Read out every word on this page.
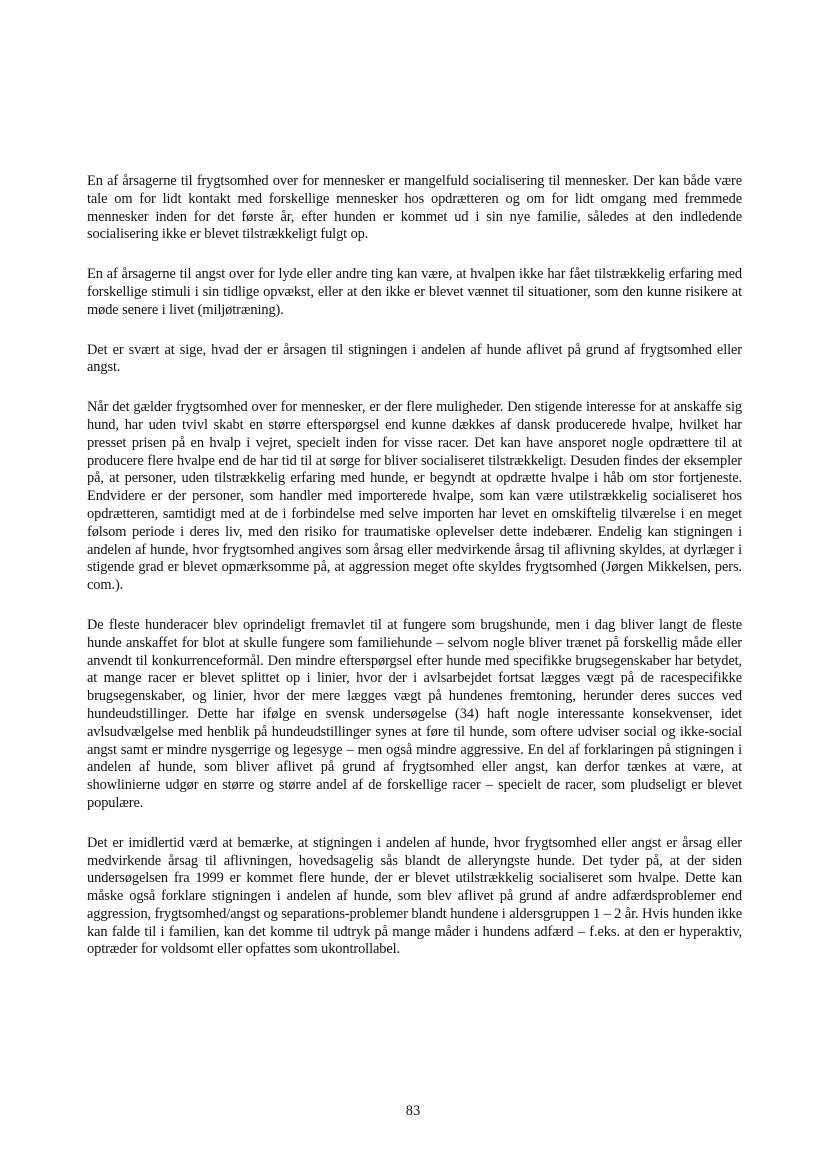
En af årsagerne til frygtsomhed over for mennesker er mangelfuld socialisering til mennesker. Der kan både være tale om for lidt kontakt med forskellige mennesker hos opdrætteren og om for lidt omgang med fremmede mennesker inden for det første år, efter hunden er kommet ud i sin nye familie, således at den indledende socialisering ikke er blevet tilstrækkeligt fulgt op.

En af årsagerne til angst over for lyde eller andre ting kan være, at hvalpen ikke har fået tilstrækkelig erfaring med forskellige stimuli i sin tidlige opvækst, eller at den ikke er blevet vænnet til situationer, som den kunne risikere at møde senere i livet (miljøtræning).

Det er svært at sige, hvad der er årsagen til stigningen i andelen af hunde aflivet på grund af frygtsomhed eller angst.

Når det gælder frygtsomhed over for mennesker, er der flere muligheder. Den stigende interesse for at anskaffe sig hund, har uden tvivl skabt en større efterspørgsel end kunne dækkes af dansk producerede hvalpe, hvilket har presset prisen på en hvalp i vejret, specielt inden for visse racer. Det kan have ansporet nogle opdrættere til at producere flere hvalpe end de har tid til at sørge for bliver socialiseret tilstrækkeligt. Desuden findes der eksempler på, at personer, uden tilstrækkelig erfaring med hunde, er begyndt at opdrætte hvalpe i håb om stor fortjeneste. Endvidere er der personer, som handler med importerede hvalpe, som kan være utilstrækkelig socialiseret hos opdrætteren, samtidigt med at de i forbindelse med selve importen har levet en omskiftelig tilværelse i en meget følsom periode i deres liv, med den risiko for traumatiske oplevelser dette indebærer. Endelig kan stigningen i andelen af hunde, hvor frygtsomhed angives som årsag eller medvirkende årsag til aflivning skyldes, at dyrlæger i stigende grad er blevet opmærksomme på, at aggression meget ofte skyldes frygtsomhed (Jørgen Mikkelsen, pers. com.).

De fleste hunderacer blev oprindeligt fremavlet til at fungere som brugshunde, men i dag bliver langt de fleste hunde anskaffet for blot at skulle fungere som familiehunde – selvom nogle bliver trænet på forskellig måde eller anvendt til konkurrenceformål. Den mindre efterspørgsel efter hunde med specifikke brugsegenskaber har betydet, at mange racer er blevet splittet op i linier, hvor der i avlsarbejdet fortsat lægges vægt på de racespecifikke brugsegenskaber, og linier, hvor der mere lægges vægt på hundenes fremtoning, herunder deres succes ved hundeudstillinger. Dette har ifølge en svensk undersøgelse (34) haft nogle interessante konsekvenser, idet avlsudvælgelse med henblik på hundeudstillinger synes at føre til hunde, som oftere udviser social og ikke-social angst samt er mindre nysgerrige og legesyge – men også mindre aggressive. En del af forklaringen på stigningen i andelen af hunde, som bliver aflivet på grund af frygtsomhed eller angst, kan derfor tænkes at være, at showlinierne udgør en større og større andel af de forskellige racer – specielt de racer, som pludseligt er blevet populære.

Det er imidlertid værd at bemærke, at stigningen i andelen af hunde, hvor frygtsomhed eller angst er årsag eller medvirkende årsag til aflivningen, hovedsagelig sås blandt de alleryngste hunde. Det tyder på, at der siden undersøgelsen fra 1999 er kommet flere hunde, der er blevet utilstrækkelig socialiseret som hvalpe. Dette kan måske også forklare stigningen i andelen af hunde, som blev aflivet på grund af andre adfærdsproblemer end aggression, frygtsomhed/angst og separations-problemer blandt hundene i aldersgruppen 1 – 2 år. Hvis hunden ikke kan falde til i familien, kan det komme til udtryk på mange måder i hundens adfærd – f.eks. at den er hyperaktiv, optræder for voldsomt eller opfattes som ukontrollabel.

83
